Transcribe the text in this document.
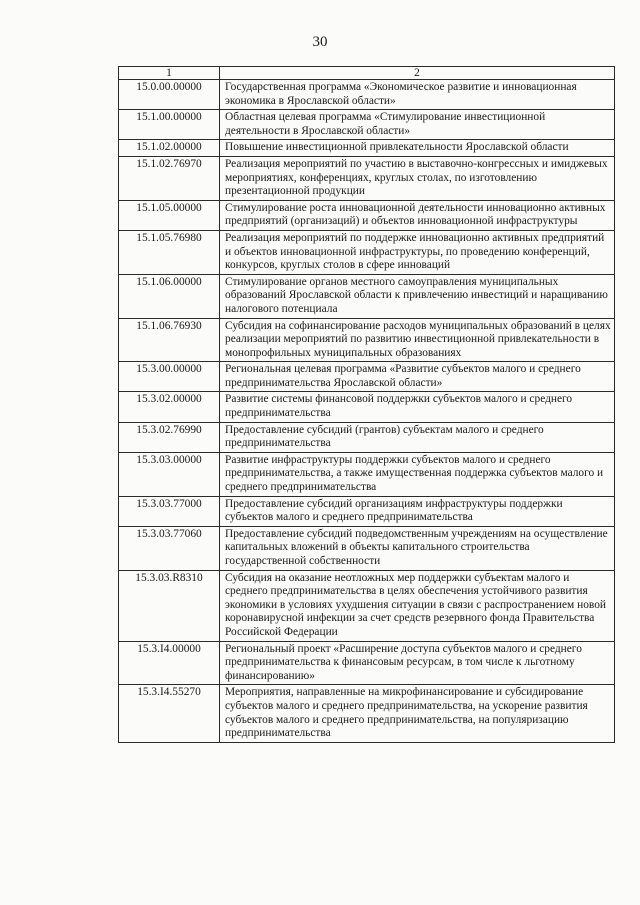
30
1	2
15.0.00.00000	Государственная программа «Экономическое развитие и инновационная экономика в Ярославской области»
15.1.00.00000	Областная целевая программа «Стимулирование инвестиционной деятельности в Ярославской области»
15.1.02.00000	Повышение инвестиционной привлекательности Ярославской области
15.1.02.76970	Реализация мероприятий по участию в выставочно-конгрессных и имиджевых мероприятиях, конференциях, круглых столах, по изготовлению презентационной продукции
15.1.05.00000	Стимулирование роста инновационной деятельности инновационно активных предприятий (организаций) и объектов инновационной инфраструктуры
15.1.05.76980	Реализация мероприятий по поддержке инновационно активных предприятий и объектов инновационной инфраструктуры, по проведению конференций, конкурсов, круглых столов в сфере инноваций
15.1.06.00000	Стимулирование органов местного самоуправления муниципальных образований Ярославской области к привлечению инвестиций и наращиванию налогового потенциала
15.1.06.76930	Субсидия на софинансирование расходов муниципальных образований в целях реализации мероприятий по развитию инвестиционной привлекательности в монопрофильных муниципальных образованиях
15.3.00.00000	Региональная целевая программа «Развитие субъектов малого и среднего предпринимательства Ярославской области»
15.3.02.00000	Развитие системы финансовой поддержки субъектов малого и среднего предпринимательства
15.3.02.76990	Предоставление субсидий (грантов) субъектам малого и среднего предпринимательства
15.3.03.00000	Развитие инфраструктуры поддержки субъектов малого и среднего предпринимательства, а также имущественная поддержка субъектов малого и среднего предпринимательства
15.3.03.77000	Предоставление субсидий организациям инфраструктуры поддержки субъектов малого и среднего предпринимательства
15.3.03.77060	Предоставление субсидий подведомственным учреждениям на осуществление капитальных вложений в объекты капитального строительства государственной собственности
15.3.03.R8310	Субсидия на оказание неотложных мер поддержки субъектам малого и среднего предпринимательства в целях обеспечения устойчивого развития экономики в условиях ухудшения ситуации в связи с распространением новой коронавирусной инфекции за счет средств резервного фонда Правительства Российской Федерации
15.3.I4.00000	Региональный проект «Расширение доступа субъектов малого и среднего предпринимательства к финансовым ресурсам, в том числе к льготному финансированию»
15.3.I4.55270	Мероприятия, направленные на микрофинансирование и субсидирование субъектов малого и среднего предпринимательства, на ускорение развития субъектов малого и среднего предпринимательства, на популяризацию предпринимательства
